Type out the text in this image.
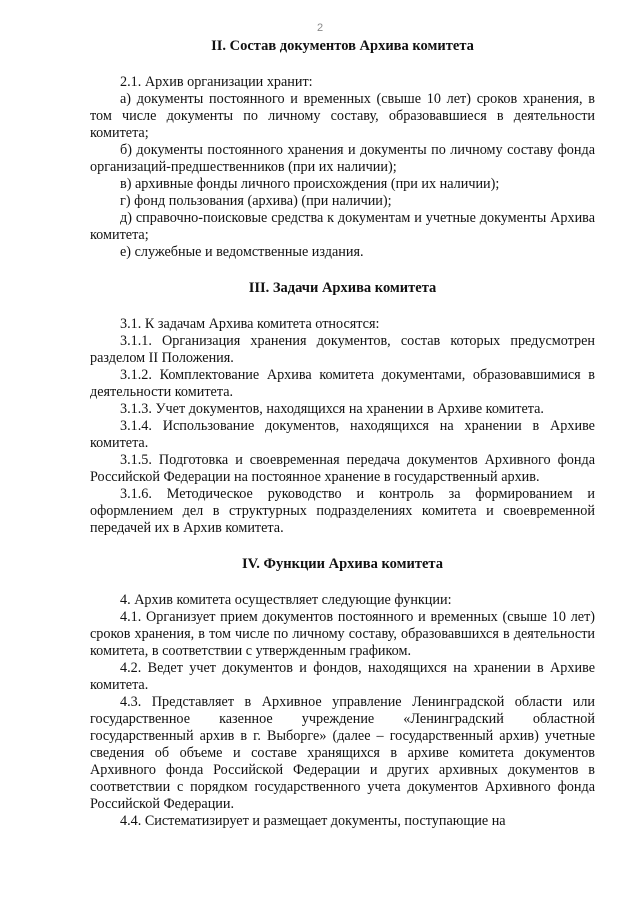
2
II. Состав документов Архива комитета

2.1. Архив организации хранит:

а) документы постоянного и временных (свыше 10 лет) сроков хранения, в том числе документы по личному составу, образовавшиеся в деятельности комитета;

б) документы постоянного хранения и документы по личному составу фонда организаций-предшественников (при их наличии);

в) архивные фонды личного происхождения (при их наличии);

г) фонд пользования (архива) (при наличии);

д) справочно-поисковые средства к документам и учетные документы Архива комитета;

е) служебные и ведомственные издания.

III. Задачи Архива комитета

3.1. К задачам Архива комитета относятся:

3.1.1. Организация хранения документов, состав которых предусмотрен разделом II Положения.

3.1.2. Комплектование Архива комитета документами, образовавшимися в деятельности комитета.

3.1.3. Учет документов, находящихся на хранении в Архиве комитета.

3.1.4. Использование документов, находящихся на хранении в Архиве комитета.

3.1.5. Подготовка и своевременная передача документов Архивного фонда Российской Федерации на постоянное хранение в государственный архив.

3.1.6. Методическое руководство и контроль за формированием и оформлением дел в структурных подразделениях комитета и своевременной передачей их в Архив комитета.

IV. Функции Архива комитета

4. Архив комитета осуществляет следующие функции:

4.1. Организует прием документов постоянного и временных (свыше 10 лет) сроков хранения, в том числе по личному составу, образовавшихся в деятельности комитета, в соответствии с утвержденным графиком.

4.2. Ведет учет документов и фондов, находящихся на хранении в Архиве комитета.

4.3. Представляет в Архивное управление Ленинградской области или государственное казенное учреждение «Ленинградский областной государственный архив в г. Выборге» (далее – государственный архив) учетные сведения об объеме и составе хранящихся в архиве комитета документов Архивного фонда Российской Федерации и других архивных документов в соответствии с порядком государственного учета документов Архивного фонда Российской Федерации.

4.4. Систематизирует и размещает документы, поступающие на
